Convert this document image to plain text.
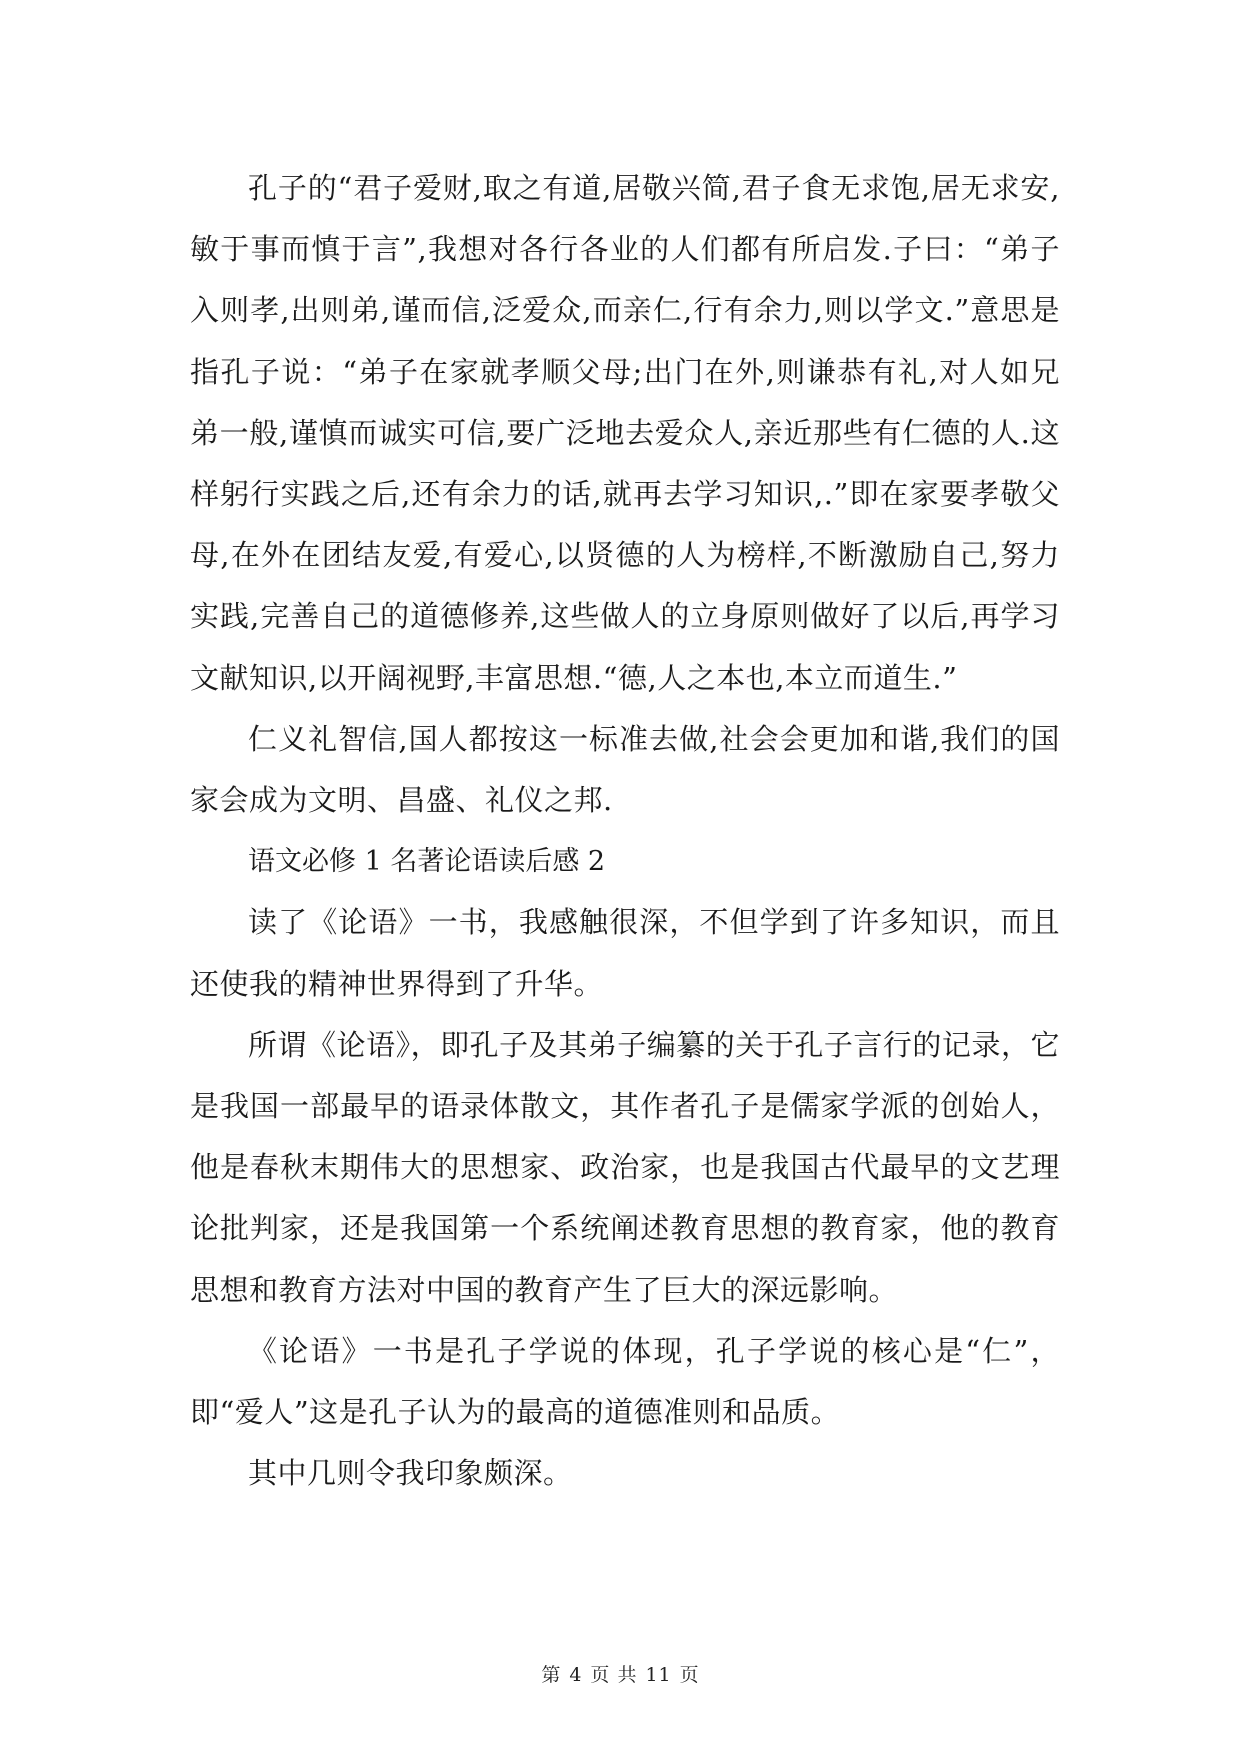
孔子的“君子爱财,取之有道,居敬兴简,君子食无求饱,居无求安,敏于事而慎于言”,我想对各行各业的人们都有所启发.子曰：“弟子入则孝,出则弟,谨而信,泛爱众,而亲仁,行有余力,则以学文.”意思是指孔子说：“弟子在家就孝顺父母;出门在外,则谦恭有礼,对人如兄弟一般,谨慎而诚实可信,要广泛地去爱众人,亲近那些有仁德的人.这样躬行实践之后,还有余力的话,就再去学习知识,.”即在家要孝敬父母,在外在团结友爱,有爱心,以贤德的人为榜样,不断激励自己,努力实践,完善自己的道德修养,这些做人的立身原则做好了以后,再学习文献知识,以开阔视野,丰富思想.“德,人之本也,本立而道生.”

仁义礼智信,国人都按这一标准去做,社会会更加和谐,我们的国家会成为文明、昌盛、礼仪之邦.

语文必修 1 名著论语读后感 2

读了《论语》一书，我感触很深，不但学到了许多知识，而且还使我的精神世界得到了升华。

所谓《论语》，即孔子及其弟子编纂的关于孔子言行的记录，它是我国一部最早的语录体散文，其作者孔子是儒家学派的创始人，他是春秋末期伟大的思想家、政治家，也是我国古代最早的文艺理论批判家，还是我国第一个系统阐述教育思想的教育家，他的教育思想和教育方法对中国的教育产生了巨大的深远影响。

《论语》一书是孔子学说的体现，孔子学说的核心是“仁”，即“爱人”这是孔子认为的最高的道德准则和品质。

其中几则令我印象颇深。

第 4 页 共 11 页
